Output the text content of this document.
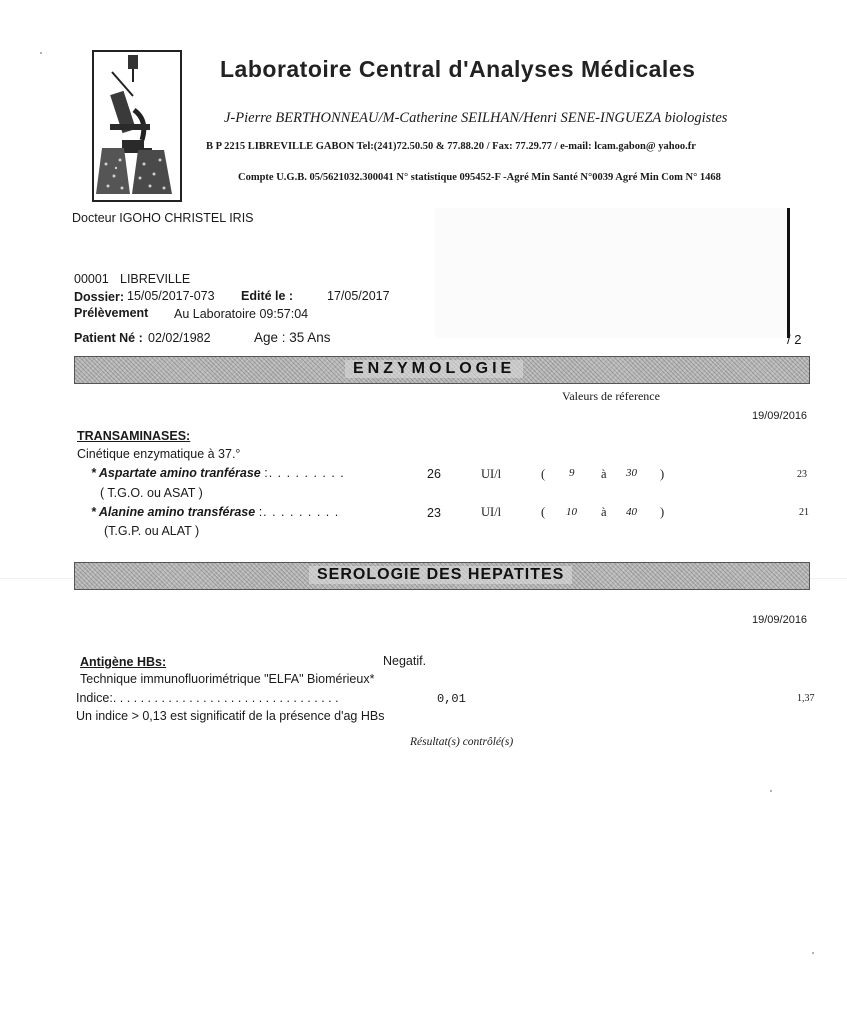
Laboratoire Central d'Analyses Médicales
J-Pierre BERTHONNEAU/M-Catherine SEILHAN/Henri SENE-INGUEZA biologistes
B P 2215 LIBREVILLE GABON Tel:(241)72.50.50 & 77.88.20 / Fax: 77.29.77 / e-mail: lcam.gabon@ yahoo.fr
Compte U.G.B. 05/5621032.300041 N° statistique 095452-F -Agré Min Santé N°0039 Agré Min Com N° 1468
Docteur IGOHO CHRISTEL IRIS
00001 LIBREVILLE
Dossier: 15/05/2017-073 Edité le :	17/05/2017
Prélèvement Au Laboratoire 09:57:04
Patient Né : 02/02/1982	Age : 35 Ans	/ 2
ENZYMOLOGIE
Valeurs de réference
19/09/2016
TRANSAMINASES:
Cinétique enzymatique à 37.°
* Aspartate amino tranférase :. . . . . . . . .	26	UI/l	( 9 à 30 )	23
( T.G.O. ou ASAT )
* Alanine amino transférase :. . . . . . . . .	23	UI/l	( 10 à 40 )	21
(T.G.P. ou ALAT )
SEROLOGIE DES HEPATITES
19/09/2016
Antigène HBs:	Negatif.
Technique immunofluorimétrique "ELFA" Biomérieux*
Indice:. . . . . . . . . . . . . . . . . . . . . . . . . . . . . . . . .	0,01	1,37
Un indice > 0,13 est significatif de la présence d'ag HBs
Résultat(s) contrôlé(s)
